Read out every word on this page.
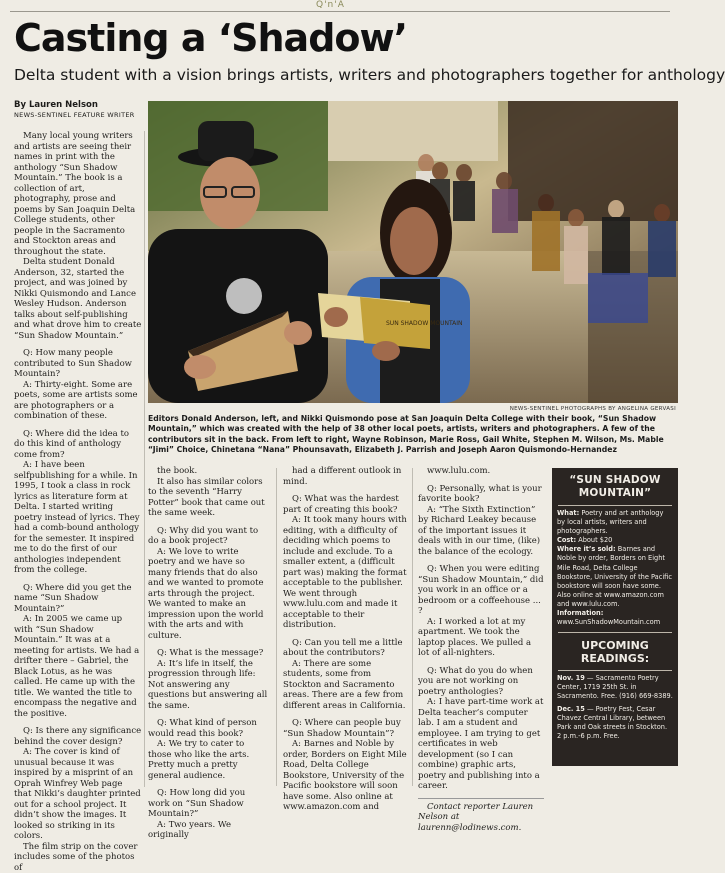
Q'n'A
Casting a ‘Shadow’
Delta student with a vision brings artists, writers and photographers together for anthology
By Lauren Nelson
NEWS-SENTINEL FEATURE WRITER
SUN SHADOW MOUNTAIN
NEWS-SENTINEL PHOTOGRAPHS BY ANGELINA GERVASI
Editors Donald Anderson, left, and Nikki Quismondo pose at San Joaquin Delta College with their book, “Sun Shadow Mountain,” which was created with the help of 38 other local poets, artists, writers and photographers. A few of the contributors sit in the back. From left to right, Wayne Robinson, Marie Ross, Gail White, Stephen M. Wilson, Ms. Mable “Jimi” Choice, Chinetana “Nana” Phounsavath, Elizabeth J. Parrish and Joseph Aaron Quismondo-Hernandez

Many local young writers and artists are seeing their names in print with the anthology “Sun Shadow Mountain.” The book is a collection of art, photography, prose and poems by San Joaquin Delta College students, other people in the Sacramento and Stockton areas and throughout the state.

Delta student Donald Anderson, 32, started the project, and was joined by Nikki Quismondo and Lance Wesley Hudson. Anderson talks about self-publishing and what drove him to create “Sun Shadow Mountain.”

Q: How many people contributed to Sun Shadow Mountain?

A: Thirty-eight. Some are poets, some are artists some are photographers or a combination of these.

Q: Where did the idea to do this kind of anthology come from?

A: I have been selfpublishing for a while. In 1995, I took a class in rock lyrics as literature form at Delta. I started writing poetry instead of lyrics. They had a comb-bound anthology for the semester. It inspired me to do the first of our anthologies independent from the college.

Q: Where did you get the name “Sun Shadow Mountain?”

A: In 2005 we came up with “Sun Shadow Mountain.” It was at a meeting for artists. We had a drifter there – Gabriel, the Black Lotus, as he was called. He came up with the title. We wanted the title to encompass the negative and the positive.

Q: Is there any significance behind the cover design?

A: The cover is kind of unusual because it was inspired by a misprint of an Oprah Winfrey Web page that Nikki’s daughter printed out for a school project. It didn’t show the images. It looked so striking in its colors.

The film strip on the cover includes some of the photos of

the book.

It also has similar colors to the seventh “Harry Potter” book that came out the same week.

Q: Why did you want to do a book project?

A: We love to write poetry and we have so many friends that do also and we wanted to promote arts through the project. We wanted to make an impression upon the world with the arts and with culture.

Q: What is the message?

A: It’s life in itself, the progression through life: Not answering any questions but answering all the same.

Q: What kind of person would read this book?

A: We try to cater to those who like the arts. Pretty much a pretty general audience.

Q: How long did you work on “Sun Shadow Mountain?”

A: Two years. We originally

had a different outlook in mind.

Q: What was the hardest part of creating this book?

A: It took many hours with editing, with a difficulty of deciding which poems to include and exclude. To a smaller extent, a (difficult part was) making the format acceptable to the publisher. We went through www.lulu.com and made it acceptable to their distribution.

Q: Can you tell me a little about the contributors?

A: There are some students, some from Stockton and Sacramento areas. There are a few from different areas in California.

Q: Where can people buy “Sun Shadow Mountain”?

A: Barnes and Noble by order, Borders on Eight Mile Road, Delta College Bookstore, University of the Pacific bookstore will soon have some. Also online at www.amazon.com and

www.lulu.com.

Q: Personally, what is your favorite book?

A: “The Sixth Extinction” by Richard Leakey because of the important issues it deals with in our time, (like) the balance of the ecology.

Q: When you were editing “Sun Shadow Mountain,” did you work in an office or a bedroom or a coffeehouse ... ?

A: I worked a lot at my apartment. We took the laptop places. We pulled a lot of all-nighters.

Q: What do you do when you are not working on poetry anthologies?

A: I have part-time work at Delta teacher’s computer lab. I am a student and employee. I am trying to get certificates in web development (so I can combine) graphic arts, poetry and publishing into a career.

Contact reporter Lauren Nelson at laurenn@lodinews.com.

“SUN SHADOW MOUNTAIN”
What: Poetry and art anthology by local artists, writers and photographers.
Cost: About $20
Where it’s sold: Barnes and Noble by order, Borders on Eight Mile Road, Delta College Bookstore, University of the Pacific bookstore will soon have some. Also online at www.amazon.com and www.lulu.com.
Information: www.SunShadowMountain.com
UPCOMING READINGS:
Nov. 19 — Sacramento Poetry Center, 1719 25th St. in Sacramento. Free. (916) 669-8389.
Dec. 15 — Poetry Fest, Cesar Chavez Central Library, between Park and Oak streets in Stockton. 2 p.m.-6 p.m. Free.
